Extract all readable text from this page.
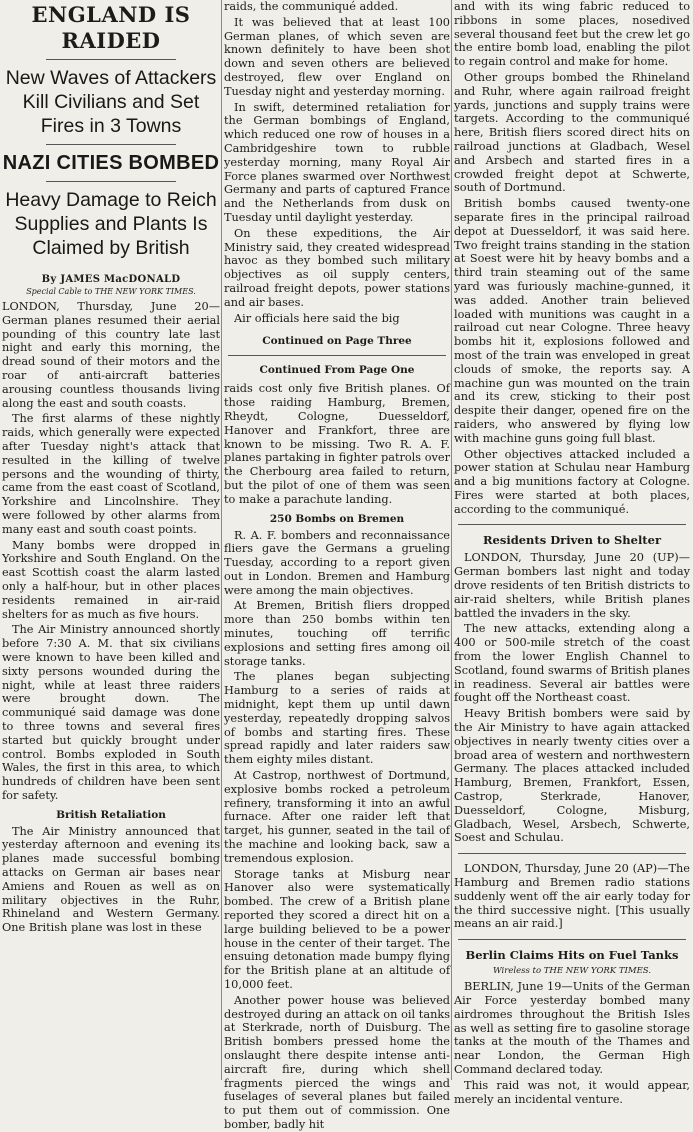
ENGLAND IS RAIDED
New Waves of Attackers Kill Civilians and Set Fires in 3 Towns
NAZI CITIES BOMBED
Heavy Damage to Reich Supplies and Plants Is Claimed by British
By JAMES MacDONALD
Special Cable to THE NEW YORK TIMES.

LONDON, Thursday, June 20—German planes resumed their aerial pounding of this country late last night and early this morning, the dread sound of their motors and the roar of anti-aircraft batteries arousing countless thousands living along the east and south coasts.

The first alarms of these nightly raids, which generally were expected after Tuesday night's attack that resulted in the killing of twelve persons and the wounding of thirty, came from the east coast of Scotland, Yorkshire and Lincolnshire. They were followed by other alarms from many east and south coast points.

Many bombs were dropped in Yorkshire and South England. On the east Scottish coast the alarm lasted only a half-hour, but in other places residents remained in air-raid shelters for as much as five hours.

The Air Ministry announced shortly before 7:30 A. M. that six civilians were known to have been killed and sixty persons wounded during the night, while at least three raiders were brought down. The communiqué said damage was done to three towns and several fires started but quickly brought under control. Bombs exploded in South Wales, the first in this area, to which hundreds of children have been sent for safety.

British Retaliation

The Air Ministry announced that yesterday afternoon and evening its planes made successful bombing attacks on German air bases near Amiens and Rouen as well as on military objectives in the Ruhr, Rhineland and Western Germany. One British plane was lost in these

raids, the communiqué added.

It was believed that at least 100 German planes, of which seven are known definitely to have been shot down and seven others are believed destroyed, flew over England on Tuesday night and yesterday morning.

In swift, determined retaliation for the German bombings of England, which reduced one row of houses in a Cambridgeshire town to rubble yesterday morning, many Royal Air Force planes swarmed over Northwest Germany and parts of captured France and the Netherlands from dusk on Tuesday until daylight yesterday.

On these expeditions, the Air Ministry said, they created widespread havoc as they bombed such military objectives as oil supply centers, railroad freight depots, power stations and air bases.

Air officials here said the big

Continued on Page Three
Continued From Page One

raids cost only five British planes. Of those raiding Hamburg, Bremen, Rheydt, Cologne, Duesseldorf, Hanover and Frankfort, three are known to be missing. Two R. A. F. planes partaking in fighter patrols over the Cherbourg area failed to return, but the pilot of one of them was seen to make a parachute landing.

250 Bombs on Bremen

R. A. F. bombers and reconnaissance fliers gave the Germans a grueling Tuesday, according to a report given out in London. Bremen and Hamburg were among the main objectives.

At Bremen, British fliers dropped more than 250 bombs within ten minutes, touching off terrific explosions and setting fires among oil storage tanks.

The planes began subjecting Hamburg to a series of raids at midnight, kept them up until dawn yesterday, repeatedly dropping salvos of bombs and starting fires. These spread rapidly and later raiders saw them eighty miles distant.

At Castrop, northwest of Dortmund, explosive bombs rocked a petroleum refinery, transforming it into an awful furnace. After one raider left that target, his gunner, seated in the tail of the machine and looking back, saw a tremendous explosion.

Storage tanks at Misburg near Hanover also were systematically bombed. The crew of a British plane reported they scored a direct hit on a large building believed to be a power house in the center of their target. The ensuing detonation made bumpy flying for the British plane at an altitude of 10,000 feet.

Another power house was believed destroyed during an attack on oil tanks at Sterkrade, north of Duisburg. The British bombers pressed home the onslaught there despite intense anti-aircraft fire, during which shell fragments pierced the wings and fuselages of several planes but failed to put them out of commission. One bomber, badly hit

and with its wing fabric reduced to ribbons in some places, nosedived several thousand feet but the crew let go the entire bomb load, enabling the pilot to regain control and make for home.

Other groups bombed the Rhineland and Ruhr, where again railroad freight yards, junctions and supply trains were targets. According to the communiqué here, British fliers scored direct hits on railroad junctions at Gladbach, Wesel and Arsbech and started fires in a crowded freight depot at Schwerte, south of Dortmund.

British bombs caused twenty-one separate fires in the principal railroad depot at Duesseldorf, it was said here. Two freight trains standing in the station at Soest were hit by heavy bombs and a third train steaming out of the same yard was furiously machine-gunned, it was added. Another train believed loaded with munitions was caught in a railroad cut near Cologne. Three heavy bombs hit it, explosions followed and most of the train was enveloped in great clouds of smoke, the reports say. A machine gun was mounted on the train and its crew, sticking to their post despite their danger, opened fire on the raiders, who answered by flying low with machine guns going full blast.

Other objectives attacked included a power station at Schulau near Hamburg and a big munitions factory at Cologne. Fires were started at both places, according to the communiqué.

Residents Driven to Shelter

LONDON, Thursday, June 20 (UP)—German bombers last night and today drove residents of ten British districts to air-raid shelters, while British planes battled the invaders in the sky.

The new attacks, extending along a 400 or 500-mile stretch of the coast from the lower English Channel to Scotland, found swarms of British planes in readiness. Several air battles were fought off the Northeast coast.

Heavy British bombers were said by the Air Ministry to have again attacked objectives in nearly twenty cities over a broad area of western and northwestern Germany. The places attacked included Hamburg, Bremen, Frankfort, Essen, Castrop, Sterkrade, Hanover, Duesseldorf, Cologne, Misburg, Gladbach, Wesel, Arsbech, Schwerte, Soest and Schulau.

LONDON, Thursday, June 20 (AP)—The Hamburg and Bremen radio stations suddenly went off the air early today for the third successive night. [This usually means an air raid.]

Berlin Claims Hits on Fuel Tanks
Wireless to THE NEW YORK TIMES.

BERLIN, June 19—Units of the German Air Force yesterday bombed many airdromes throughout the British Isles as well as setting fire to gasoline storage tanks at the mouth of the Thames and near London, the German High Command declared today.

This raid was not, it would appear, merely an incidental venture.
